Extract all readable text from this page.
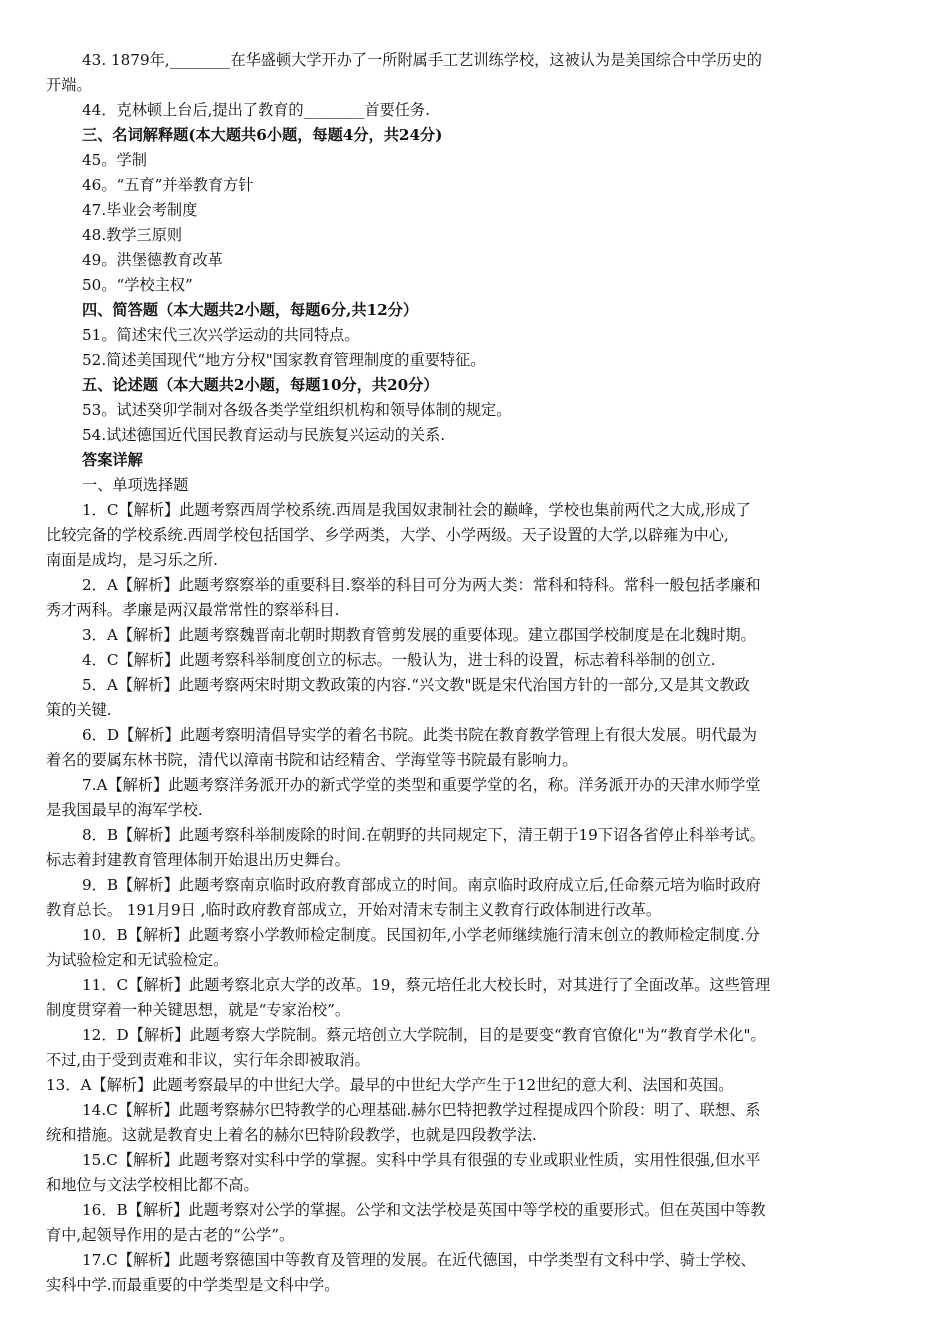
43. 1879年,________在华盛顿大学开办了一所附属手工艺训练学校，这被认为是美国综合中学历史的
开端。
44．克林顿上台后,提出了教育的________首要任务.
三、名词解释题(本大题共6小题，每题4分，共24分)
45。学制
46。“五育”并举教育方针
47.毕业会考制度
48.教学三原则
49。洪堡德教育改革
50。“学校主权”
四、简答题（本大题共2小题，每题6分,共12分）
51。简述宋代三次兴学运动的共同特点。
52.简述美国现代“地方分权"国家教育管理制度的重要特征。
五、论述题（本大题共2小题，每题10分，共20分）
53。试述癸卯学制对各级各类学堂组织机构和领导体制的规定。
54.试述德国近代国民教育运动与民族复兴运动的关系.
答案详解
一、单项选择题
1．C【解析】此题考察西周学校系统.西周是我国奴隶制社会的巅峰，学校也集前两代之大成,形成了
比较完备的学校系统.西周学校包括国学、乡学两类，大学、小学两级。天子设置的大学,以辟雍为中心,
南面是成均，是习乐之所.
2．A【解析】此题考察察举的重要科目.察举的科目可分为两大类：常科和特科。常科一般包括孝廉和
秀才两科。孝廉是两汉最常常性的察举科目.
3．A【解析】此题考察魏晋南北朝时期教育管剪发展的重要体现。建立郡国学校制度是在北魏时期。
4．C【解析】此题考察科举制度创立的标志。一般认为，进士科的设置，标志着科举制的创立.
5．A【解析】此题考察两宋时期文教政策的内容.“兴文教"既是宋代治国方针的一部分,又是其文教政
策的关键.
6．D【解析】此题考察明清倡导实学的着名书院。此类书院在教育教学管理上有很大发展。明代最为
着名的要属东林书院，清代以漳南书院和诂经精舍、学海堂等书院最有影响力。
7.A【解析】此题考察洋务派开办的新式学堂的类型和重要学堂的名，称。洋务派开办的天津水师学堂
是我国最早的海军学校.
8．B【解析】此题考察科举制废除的时间.在朝野的共同规定下，清王朝于19下诏各省停止科举考试。
标志着封建教育管理体制开始退出历史舞台。
9．B【解析】此题考察南京临时政府教育部成立的时间。南京临时政府成立后,任命蔡元培为临时政府
教育总长。 191月9日 ,临时政府教育部成立，开始对清末专制主义教育行政体制进行改革。
10．B【解析】此题考察小学教师检定制度。民国初年,小学老师继续施行清末创立的教师检定制度.分
为试验检定和无试验检定。
11．C【解析】此题考察北京大学的改革。19，蔡元培任北大校长时，对其进行了全面改革。这些管理
制度贯穿着一种关键思想，就是“专家治校”。
12．D【解析】此题考察大学院制。蔡元培创立大学院制，目的是要变“教育官僚化"为“教育学术化"。
不过,由于受到责难和非议，实行年余即被取消。
13．A【解析】此题考察最早的中世纪大学。最早的中世纪大学产生于12世纪的意大利、法国和英国。
14.C【解析】此题考察赫尔巴特教学的心理基础.赫尔巴特把教学过程提成四个阶段：明了、联想、系
统和措施。这就是教育史上着名的赫尔巴特阶段教学，也就是四段教学法.
15.C【解析】此题考察对实科中学的掌握。实科中学具有很强的专业或职业性质，实用性很强,但水平
和地位与文法学校相比都不高。
16．B【解析】此题考察对公学的掌握。公学和文法学校是英国中等学校的重要形式。但在英国中等教
育中,起领导作用的是古老的“公学”。
17.C【解析】此题考察德国中等教育及管理的发展。在近代德国，中学类型有文科中学、骑士学校、
实科中学.而最重要的中学类型是文科中学。
